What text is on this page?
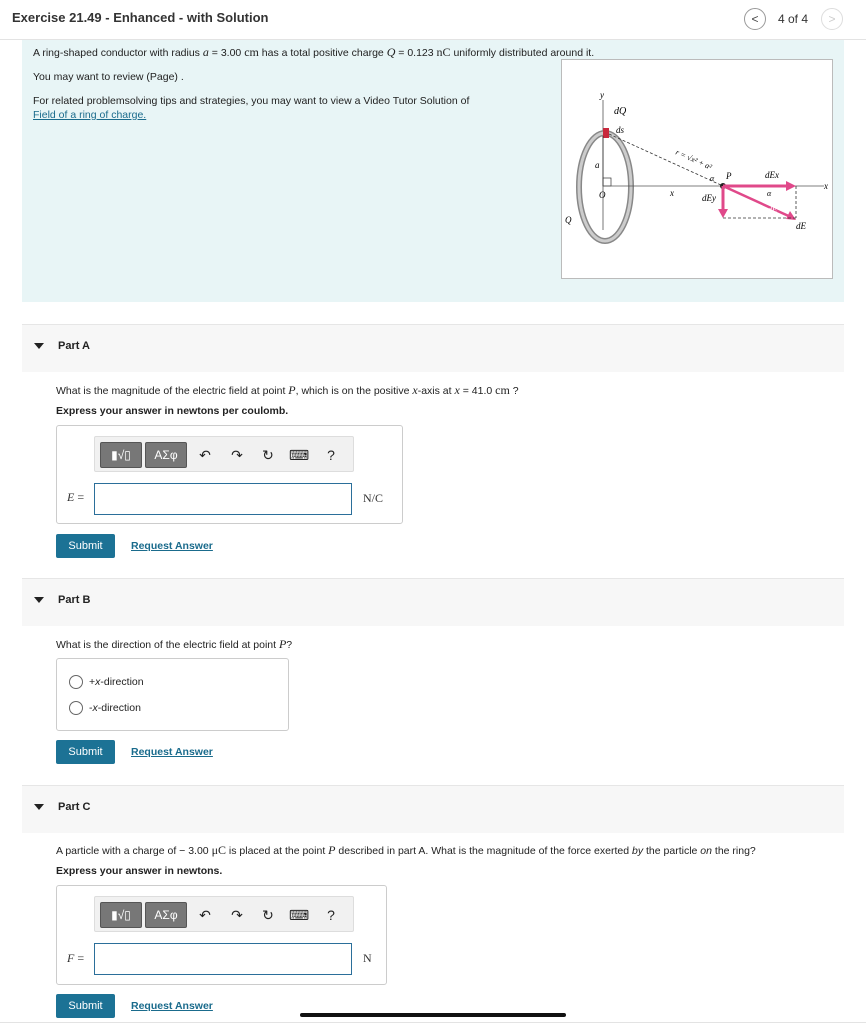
Exercise 21.49 - Enhanced - with Solution	< 4 of 4 >

A ring-shaped conductor with radius a = 3.00 cm has a total positive charge Q = 0.123 nC uniformly distributed around it.

You may want to review (Page) .

For related problemsolving tips and strategies, you may want to view a Video Tutor Solution of

Field of a ring of charge.

y
dQ
ds
a
O
Q
x
x
r = √x² + a²
α P	dEx
dEy	α
dE
dE
Part A

What is the magnitude of the electric field at point P, which is on the positive x-axis at x = 41.0 cm ?

Express your answer in newtons per coulomb.

▮√▯	ΑΣφ	↶ ↷ ↻ ⌨	?
E =	N/C
Submit	Request Answer
Part B

What is the direction of the electric field at point P?

+x-direction
-x-direction
Submit	Request Answer
Part C

A particle with a charge of − 3.00 μC is placed at the point P described in part A. What is the magnitude of the force exerted by the particle on the ring?

Express your answer in newtons.

▮√▯	ΑΣφ	↶ ↷ ↻ ⌨	?
F =	N
Submit	Request Answer
